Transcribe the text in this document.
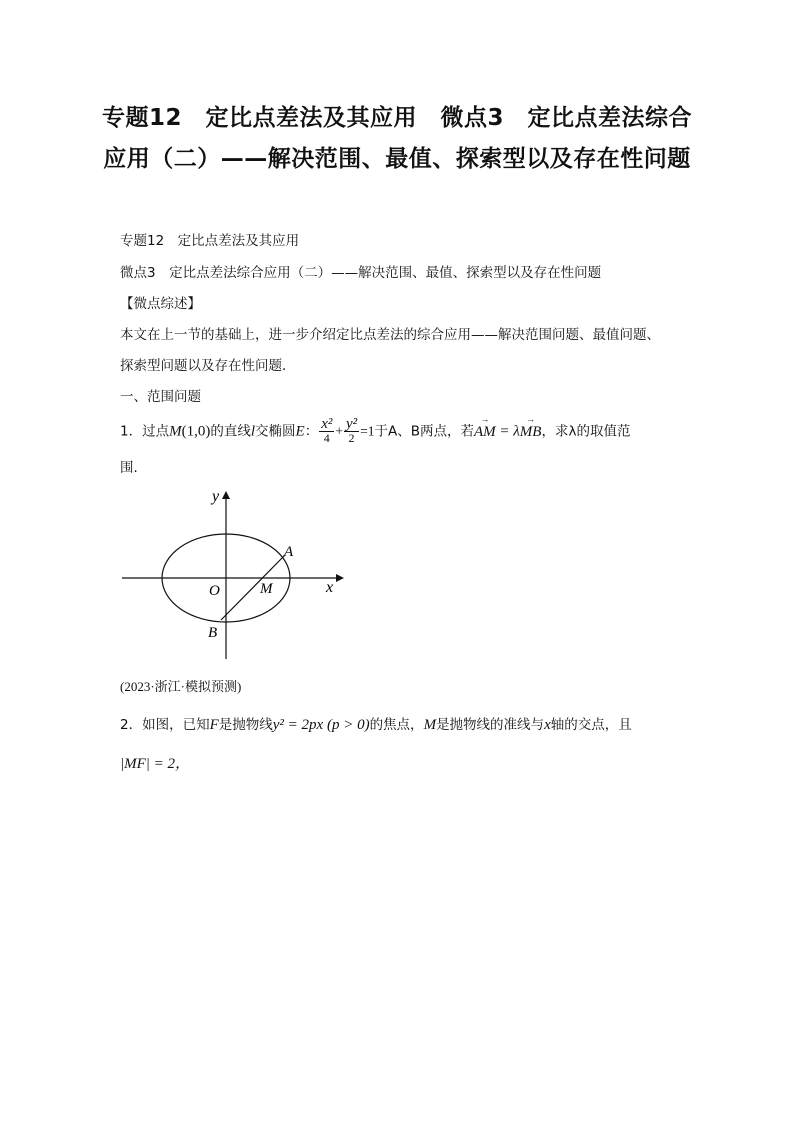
专题12　定比点差法及其应用　微点3　定比点差法综合应用（二）——解决范围、最值、探索型以及存在性问题
专题12　定比点差法及其应用
微点3　定比点差法综合应用（二）——解决范围、最值、探索型以及存在性问题
【微点综述】
本文在上一节的基础上，进一步介绍定比点差法的综合应用——解决范围问题、最值问题、
探索型问题以及存在性问题．
一、范围问题
1．过点M(1,0)的直线l交椭圆E： $\frac{\text{x²}}{4} + \frac{\text{y²}}{2} =1$于A、B两点，若→ AM = λ→ MB，求λ的取值范
围．
y
x
O	M
A
B
(2023·浙江·模拟预测)
2．如图，已知F是抛物线y² = 2px (p > 0)的焦点，M是抛物线的准线与x轴的交点，且
|MF| = 2，
